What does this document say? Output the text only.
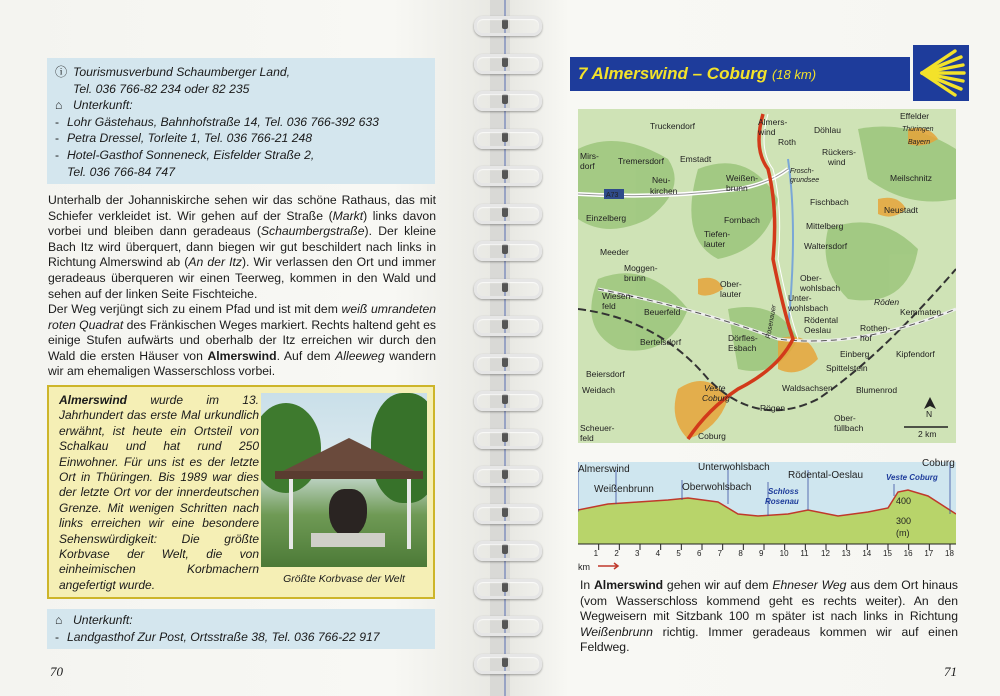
ⓘ Tourismusverbund Schaumberger Land,
Tel. 036 766-82 234 oder 82 235
⌂ Unterkunft:
- Lohr Gästehaus, Bahnhofstraße 14, Tel. 036 766-392 633
- Petra Dressel, Torleite 1, Tel. 036 766-21 248
- Hotel-Gasthof Sonneneck, Eisfelder Straße 2,
Tel. 036 766-84 747
Unterhalb der Johanniskirche sehen wir das schöne Rathaus, das mit Schiefer verkleidet ist. Wir gehen auf der Straße (Markt) links davon vorbei und bleiben dann geradeaus (Schaumbergstraße). Der kleine Bach Itz wird überquert, dann biegen wir gut beschildert nach links in Richtung Almerswind ab (An der Itz). Wir verlassen den Ort und immer geradeaus überqueren wir einen Teerweg, kommen in den Wald und sehen auf der linken Seite Fischteiche.
Der Weg verjüngt sich zu einem Pfad und ist mit dem weiß umrandeten roten Quadrat des Fränkischen Weges markiert. Rechts haltend geht es einige Stufen aufwärts und oberhalb der Itz erreichen wir durch den Wald die ersten Häuser von Almerswind. Auf dem Alleeweg wandern wir am ehemaligen Wasserschloss vorbei.
Almerswind wurde im 13. Jahrhundert das erste Mal urkundlich erwähnt, ist heute ein Ortsteil von Schalkau und hat rund 250 Einwohner. Für uns ist es der letzte Ort in Thüringen. Bis 1989 war dies der letzte Ort vor der innerdeutschen Grenze. Mit wenigen Schritten nach links erreichen wir eine besondere Sehenswürdigkeit: Die größte Korbvase der Welt, die von einheimischen Korbmachern angefertigt wurde.	Größte Korbvase der Welt
⌂ Unterkunft:
- Landgasthof Zur Post, Ortsstraße 38, Tel. 036 766-22 917
70
7 Almerswind – Coburg (18 km)
Almers-
wind
Truckendorf	Döhlau
Effelder
Thüringen
Bayern
Mirs-
dorf	Tremersdorf Emstadt
Roth
Rückers-
wind
Frosch-
grundsee
Neu-
kirchen
Weißen-
brunn
Meilschnitz
A73
Fischbach
Neustadt
Einzelberg	Fornbach
Mittelberg
Tiefen-
lauter	Waltersdorf
Meeder
Moggen-
brunn	Ober-
wohlsbach
Unter-
wohlsbach
Ober-
lauter
Wiesen-
feld
Beuerfeld
Röden
Kemmaten
Rödental
Oeslau	Rothen-
hof
Bertelsdorf	Dörfles-
Esbach
Einberg	Kipfendorf
Spittelstein
Beiersdorf
Weidach	Veste
Coburg
Waldsachsen	Blumenrod
Rögen
Scheuer-
feld	Coburg
Ober-
füllbach
Rosenauer
N
2 km
Almerswind	Unterwohlsbach
Rödental-Oeslau
Coburg
Weißenbrunn	Oberwohlsbach Schloss
Rosenau
Veste Coburg
400
300
(m)
1 2 3 4 5 6 7 8 9 10 11 12 13 14 15 16 17 18
km
In Almerswind gehen wir auf dem Ehneser Weg aus dem Ort hinaus (vom Wasserschloss kommend geht es rechts weiter). An den Wegweisern mit Sitzbank 100 m später ist nach links in Richtung Weißenbrunn richtig. Immer geradeaus kommen wir auf einen Feldweg.
71
